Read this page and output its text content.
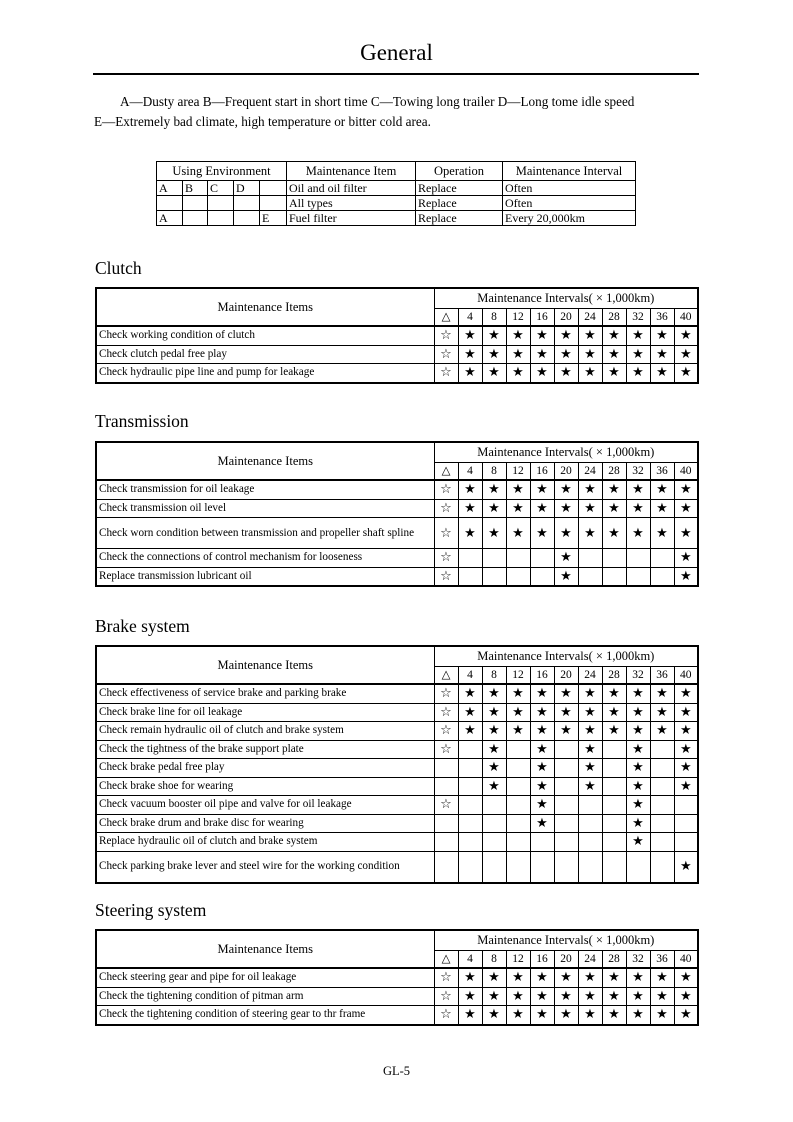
General
A—Dusty area B—Frequent start in short time C—Towing long trailer D—Long tome idle speed
E—Extremely bad climate, high temperature or bitter cold area.
Using Environment					Maintenance Item	Operation	Maintenance Interval
A	B	C	D		Oil and oil filter	Replace	Often
					All types	Replace	Often
A				E	Fuel filter	Replace	Every 20,000km
Clutch
Maintenance Items	Maintenance Intervals( × 1,000km)										
	△	4	8	12	16	20	24	28	32	36	40
Check working condition of clutch	☆	★	★	★	★	★	★	★	★	★	★
Check clutch pedal free play	☆	★	★	★	★	★	★	★	★	★	★
Check hydraulic pipe line and pump for leakage	☆	★	★	★	★	★	★	★	★	★	★
Transmission
Maintenance Items	Maintenance Intervals( × 1,000km)										
	△	4	8	12	16	20	24	28	32	36	40
Check transmission for oil leakage	☆	★	★	★	★	★	★	★	★	★	★
Check transmission oil level	☆	★	★	★	★	★	★	★	★	★	★
Check worn condition between transmission and propeller shaft spline	☆	★	★	★	★	★	★	★	★	★	★
Check the connections of control mechanism for looseness	☆					★					★
Replace transmission lubricant oil	☆					★					★
Brake system
Maintenance Items	Maintenance Intervals( × 1,000km)										
	△	4	8	12	16	20	24	28	32	36	40
Check effectiveness of service brake and parking brake	☆	★	★	★	★	★	★	★	★	★	★
Check brake line for oil leakage	☆	★	★	★	★	★	★	★	★	★	★
Check remain hydraulic oil of clutch and brake system	☆	★	★	★	★	★	★	★	★	★	★
Check the tightness of the brake support plate	☆		★		★		★		★		★
Check brake pedal free play			★		★		★		★		★
Check brake shoe for wearing			★		★		★		★		★
Check vacuum booster oil pipe and valve for oil leakage	☆				★				★		
Check brake drum and brake disc for wearing					★				★		
Replace hydraulic oil of clutch and brake system									★		
Check parking brake lever and steel wire for the working condition											★
Steering system
Maintenance Items	Maintenance Intervals( × 1,000km)										
	△	4	8	12	16	20	24	28	32	36	40
Check steering gear and pipe for oil leakage	☆	★	★	★	★	★	★	★	★	★	★
Check the tightening condition of pitman arm	☆	★	★	★	★	★	★	★	★	★	★
Check the tightening condition of steering gear to thr frame	☆	★	★	★	★	★	★	★	★	★	★
GL-5
